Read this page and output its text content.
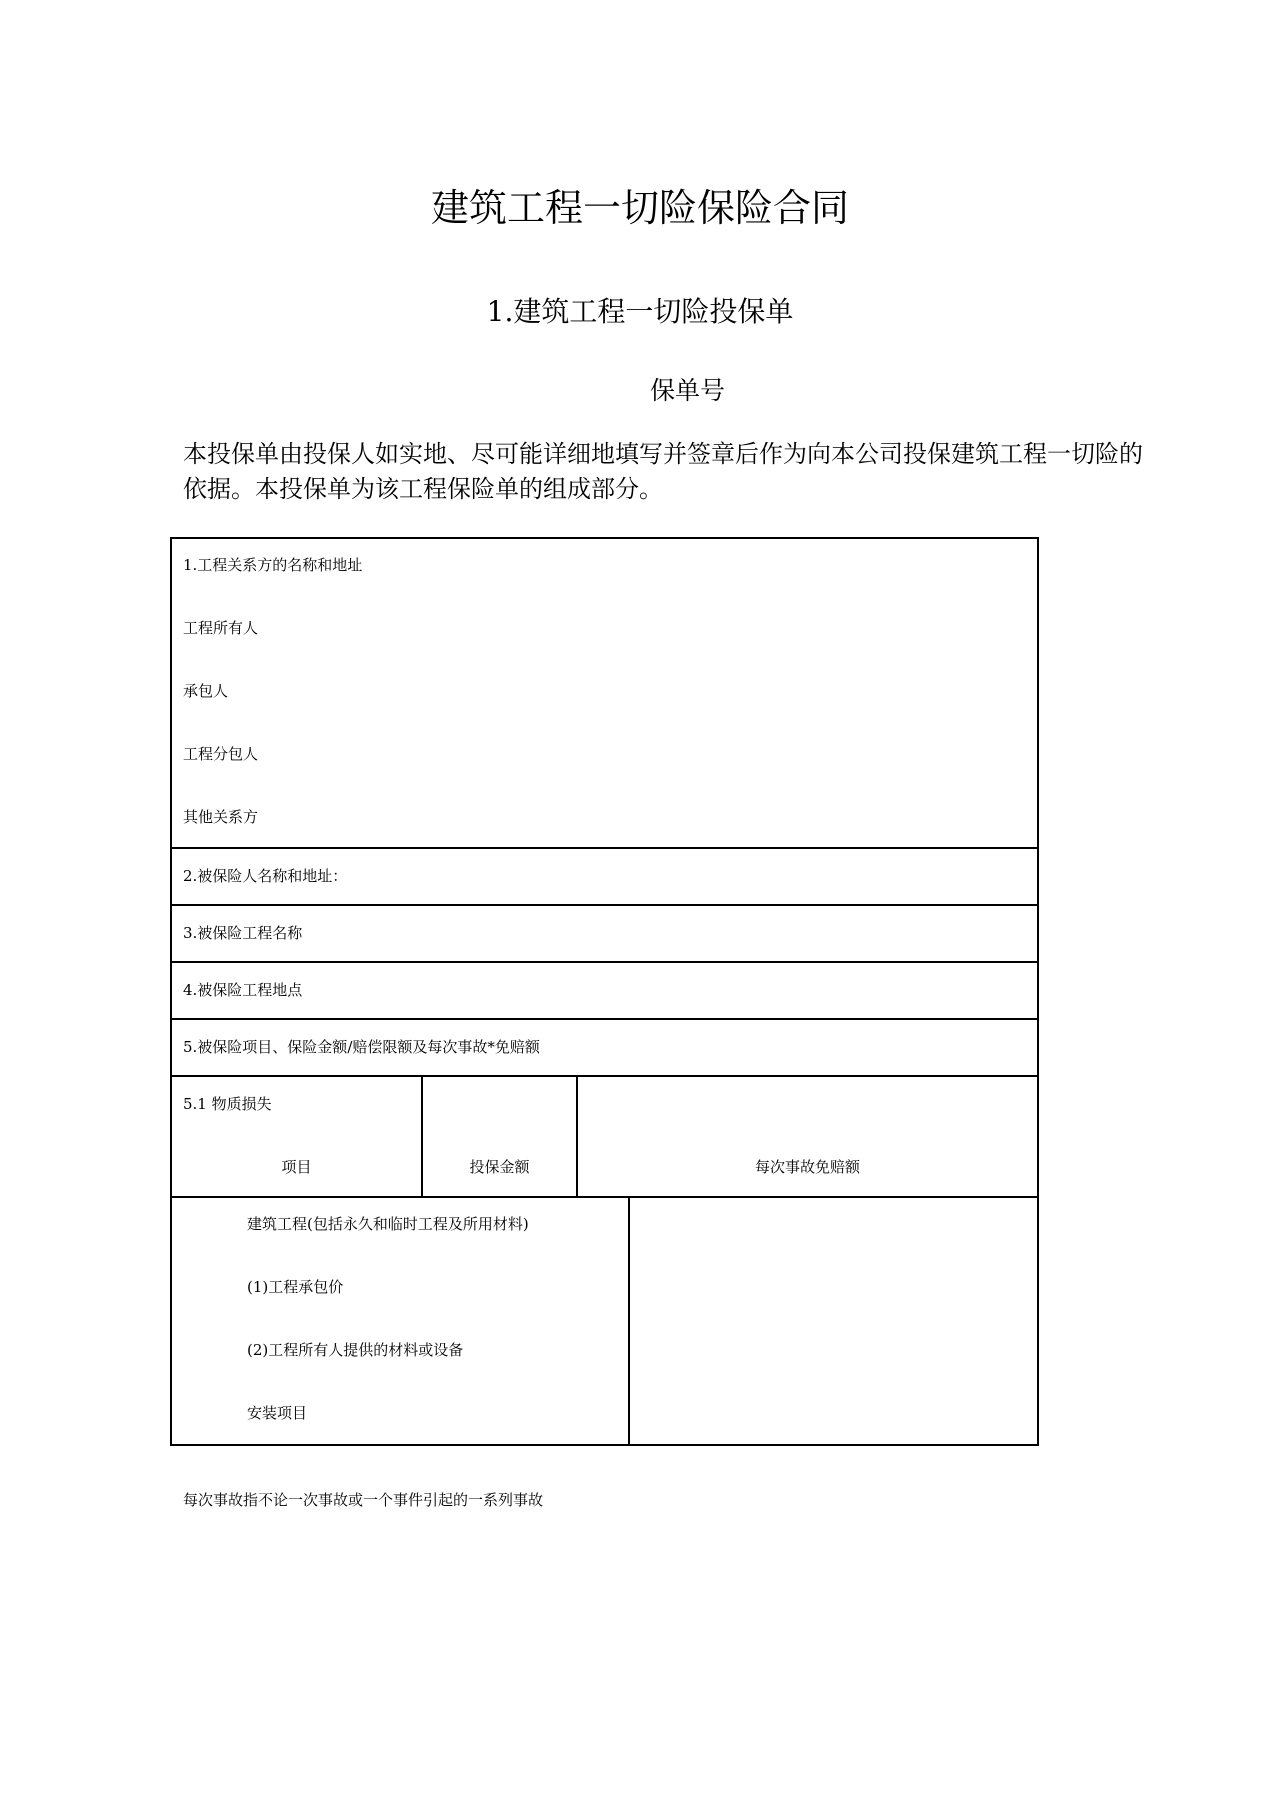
建筑工程一切险保险合同
1.建筑工程一切险投保单
保单号
本投保单由投保人如实地、尽可能详细地填写并签章后作为向本公司投保建筑工程一切险的依据。本投保单为该工程保险单的组成部分。
1.工程关系方的名称和地址
工程所有人
承包人
工程分包人
其他关系方
2.被保险人名称和地址：
3.被保险工程名称
4.被保险工程地点
5.被保险项目、保险金额/赔偿限额及每次事故*免赔额
5.1 物质损失
项目	投保金额	每次事故免赔额
建筑工程(包括永久和临时工程及所用材料)
(1)工程承包价
(2)工程所有人提供的材料或设备
安装项目
每次事故指不论一次事故或一个事件引起的一系列事故
